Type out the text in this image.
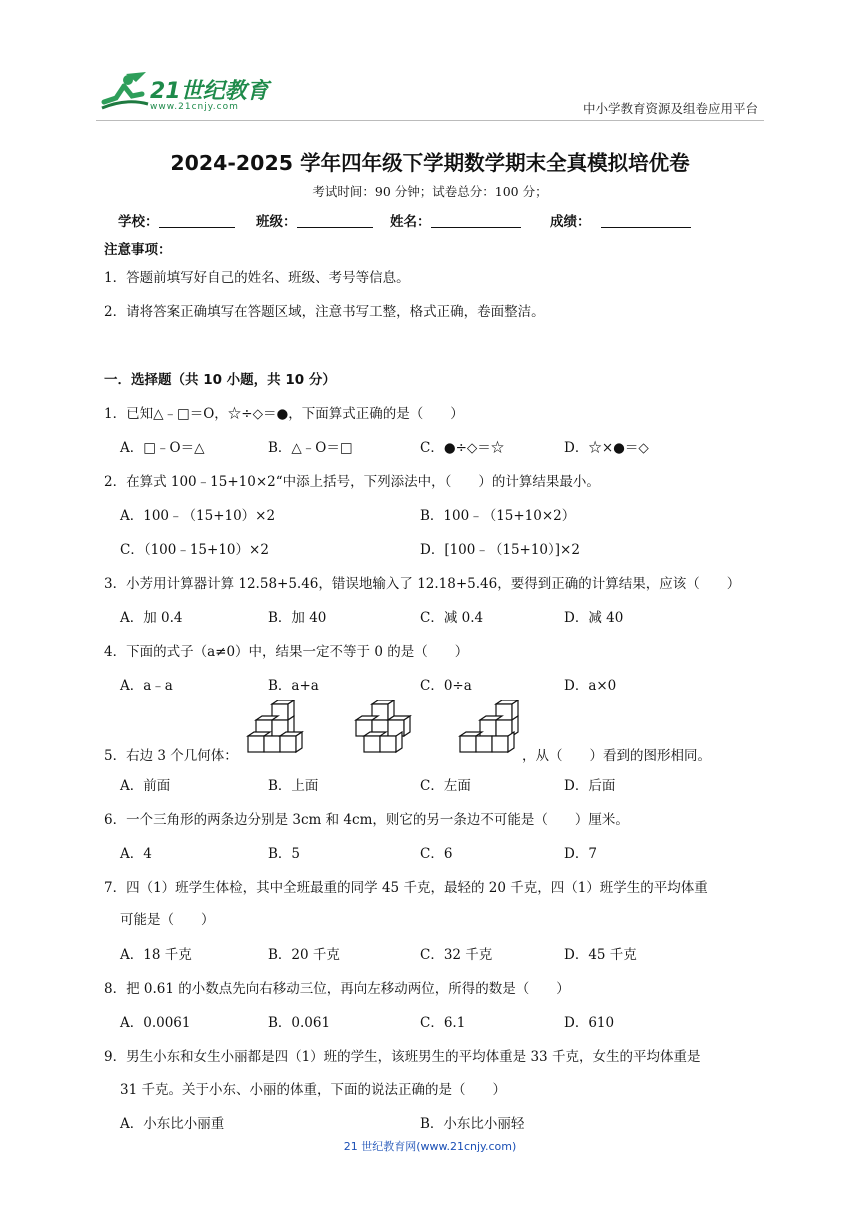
21世纪教育
www.21cnjy.com	中小学教育资源及组卷应用平台
2024-2025 学年四年级下学期数学期末全真模拟培优卷
考试时间：90 分钟；试卷总分：100 分；
学校：	班级：	姓名：	成绩：
注意事项：
1．答题前填写好自己的姓名、班级、考号等信息。
2．请将答案正确填写在答题区域，注意书写工整，格式正确，卷面整洁。
一．选择题（共 10 小题，共 10 分）
1．已知△﹣□＝O，☆÷◇＝●，下面算式正确的是（　　）
A．□﹣O＝△	B．△﹣O＝□	C．●÷◇＝☆	D．☆×●＝◇
2．在算式 100﹣15+10×2“中添上括号，下列添法中，（　　）的计算结果最小。
A．100﹣（15+10）×2	B．100﹣（15+10×2）
C．（100﹣15+10）×2	D．[100﹣（15+10）]×2
3．小芳用计算器计算 12.58+5.46，错误地输入了 12.18+5.46，要得到正确的计算结果，应该（　　）
A．加 0.4	B．加 40	C．减 0.4	D．减 40
4．下面的式子（a≠0）中，结果一定不等于 0 的是（　　）
A．a﹣a	B．a+a	C．0÷a	D．a×0
5．右边 3 个几何体：	，从（　　）看到的图形相同。
A．前面	B．上面	C．左面	D．后面
6．一个三角形的两条边分别是 3cm 和 4cm，则它的另一条边不可能是（　　）厘米。
A．4	B．5	C．6	D．7
7．四（1）班学生体检，其中全班最重的同学 45 千克，最轻的 20 千克，四（1）班学生的平均体重
可能是（　　）
A．18 千克	B．20 千克	C．32 千克	D．45 千克
8．把 0.61 的小数点先向右移动三位，再向左移动两位，所得的数是（　　）
A．0.0061	B．0.061	C．6.1	D．610
9．男生小东和女生小丽都是四（1）班的学生，该班男生的平均体重是 33 千克，女生的平均体重是
31 千克。关于小东、小丽的体重，下面的说法正确的是（　　）
A．小东比小丽重	B．小东比小丽轻
21 世纪教育网(www.21cnjy.com)
